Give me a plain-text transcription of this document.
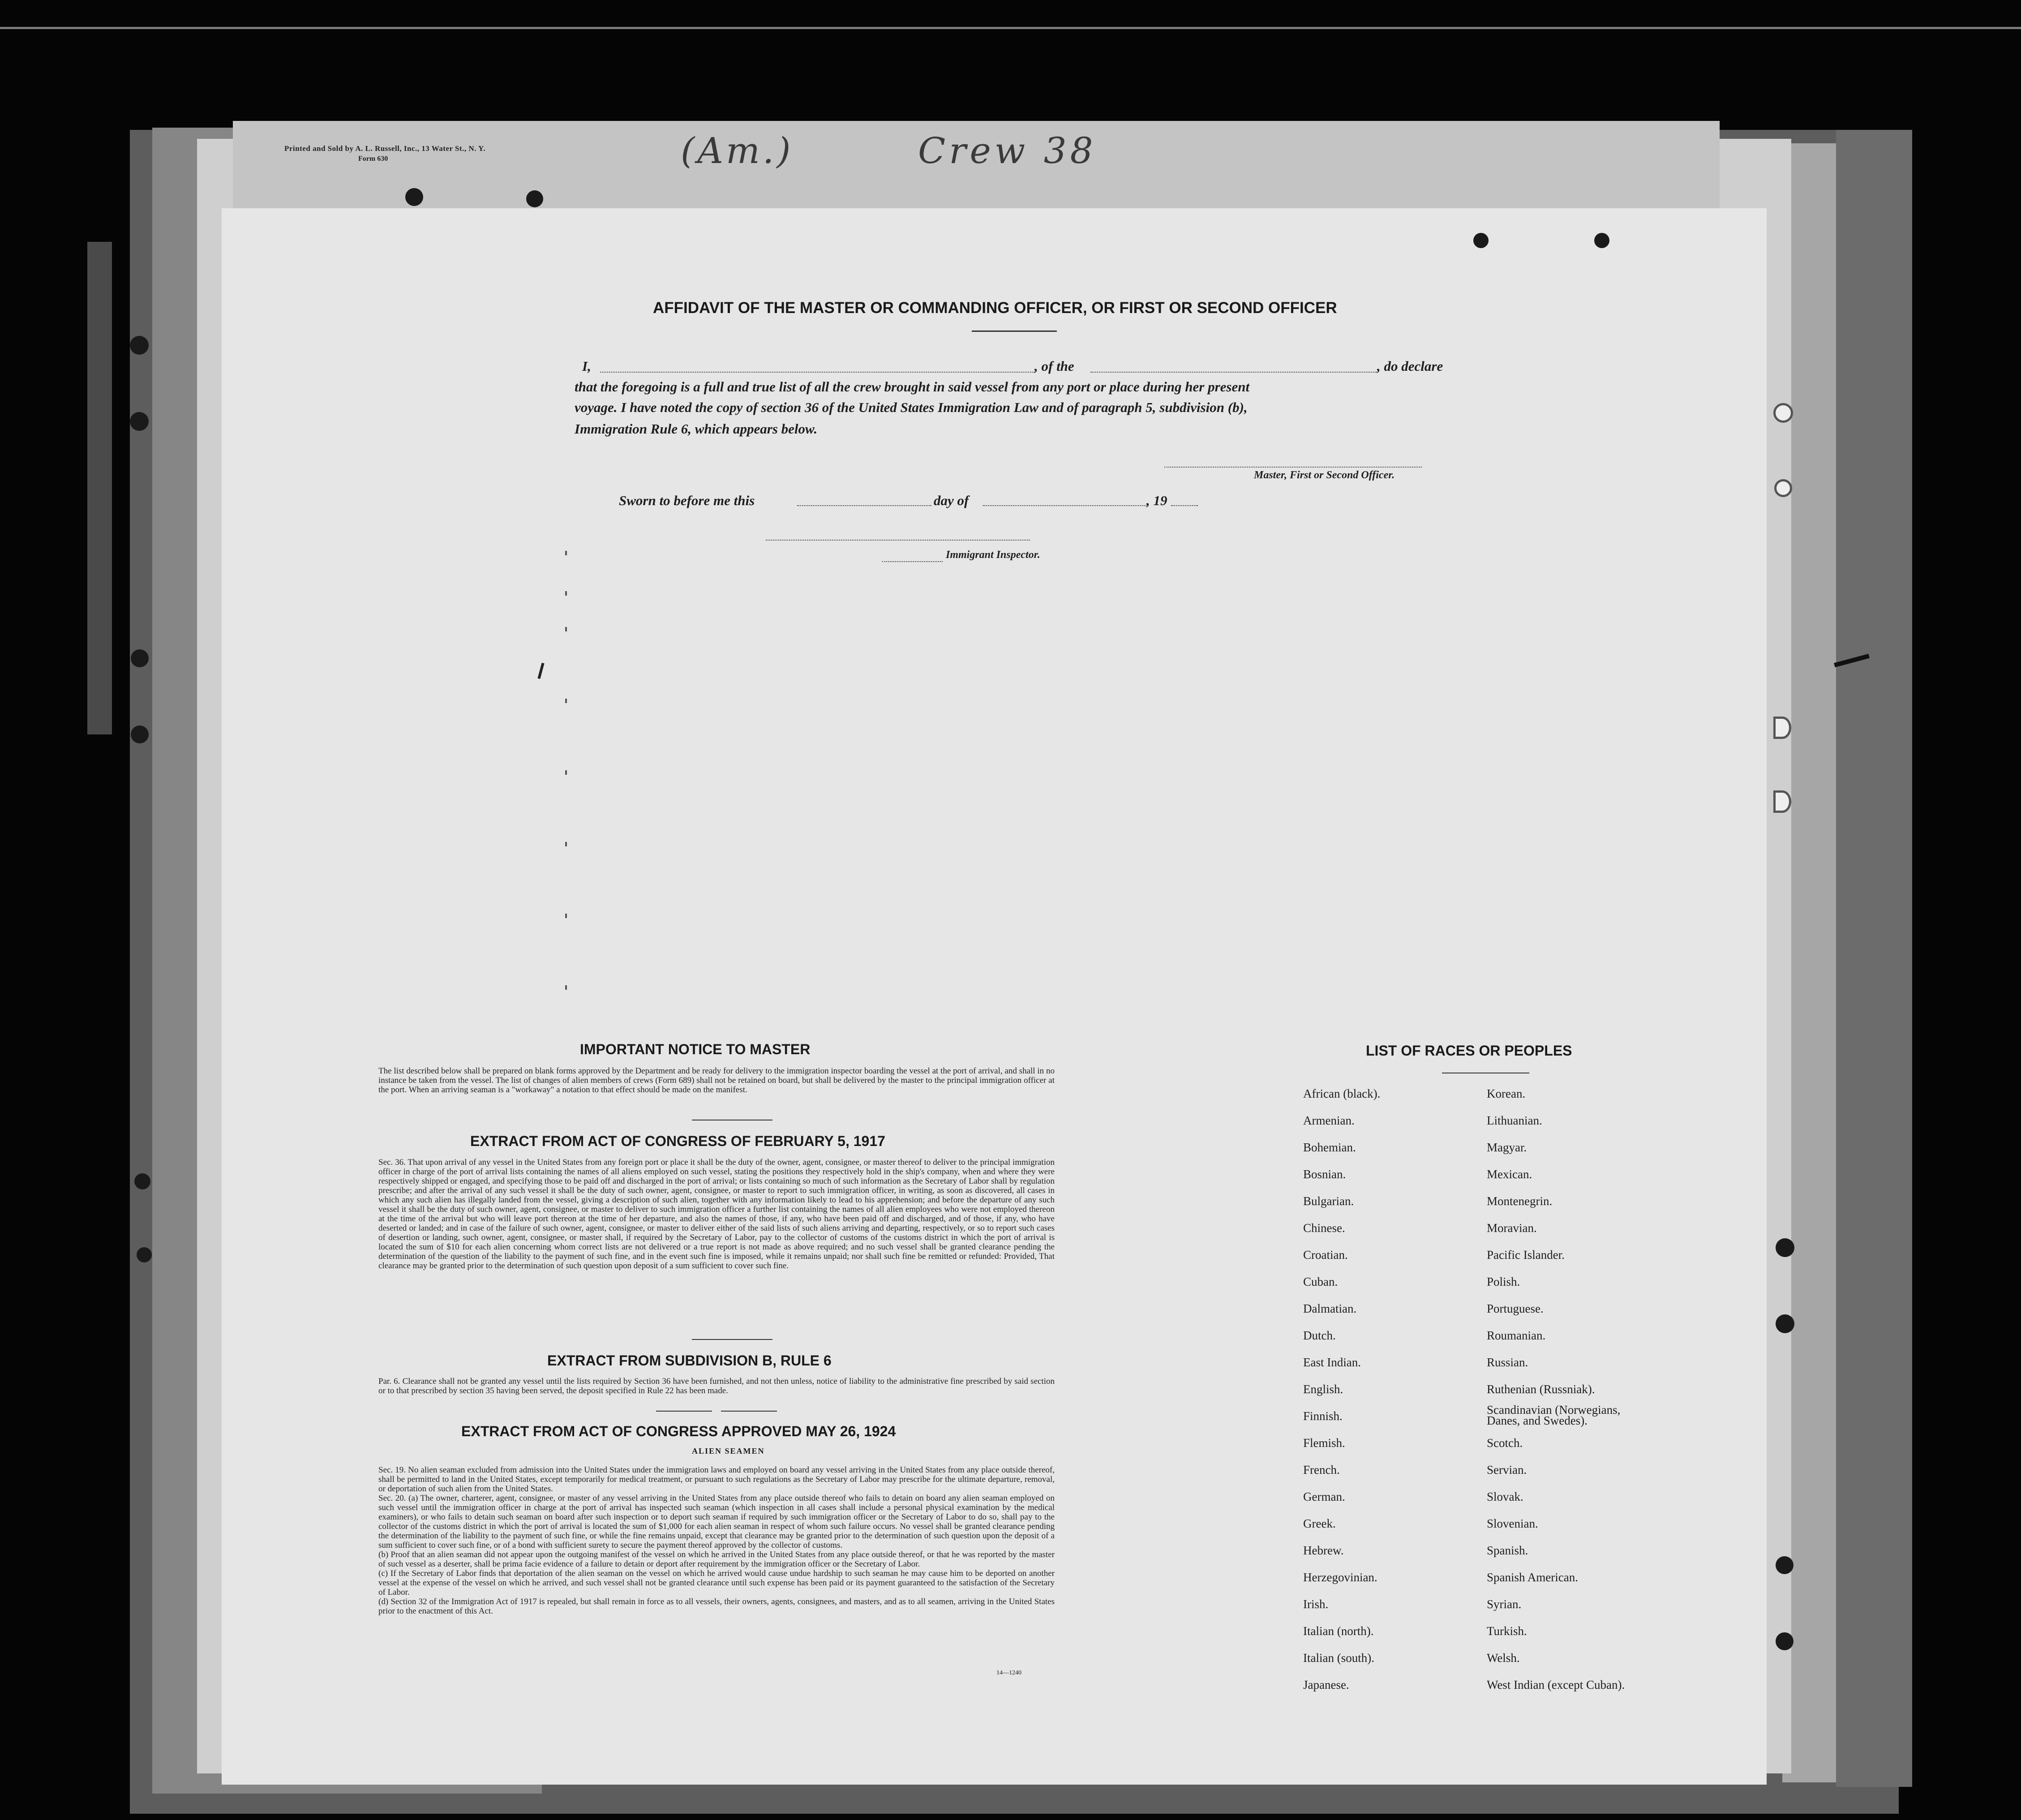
Printed and Sold by A. L. Russell, Inc., 13 Water St., N. Y.
Form 630	(Am.)	Crew 38
AFFIDAVIT OF THE MASTER OR COMMANDING OFFICER, OR FIRST OR SECOND OFFICER
I,	, of the	, do declare
that the foregoing is a full and true list of all the crew brought in said vessel from any port or place during her present
voyage. I have noted the copy of section 36 of the United States Immigration Law and of paragraph 5, subdivision (b),
Immigration Rule 6, which appears below.
Master, First or Second Officer.
Sworn to before me this	day of	, 19
Immigrant Inspector.
IMPORTANT NOTICE TO MASTER
The list described below shall be prepared on blank forms approved by the Department and be ready for delivery to the immigration inspector boarding the vessel at the port of arrival, and shall in no instance be taken from the vessel. The list of changes of alien members of crews (Form 689) shall not be retained on board, but shall be delivered by the master to the principal immigration officer at the port. When an arriving seaman is a "workaway" a notation to that effect should be made on the manifest.
EXTRACT FROM ACT OF CONGRESS OF FEBRUARY 5, 1917
Sec. 36. That upon arrival of any vessel in the United States from any foreign port or place it shall be the duty of the owner, agent, consignee, or master thereof to deliver to the principal immigration officer in charge of the port of arrival lists containing the names of all aliens employed on such vessel, stating the positions they respectively hold in the ship's company, when and where they were respectively shipped or engaged, and specifying those to be paid off and discharged in the port of arrival; or lists containing so much of such information as the Secretary of Labor shall by regulation prescribe; and after the arrival of any such vessel it shall be the duty of such owner, agent, consignee, or master to report to such immigration officer, in writing, as soon as discovered, all cases in which any such alien has illegally landed from the vessel, giving a description of such alien, together with any information likely to lead to his apprehension; and before the departure of any such vessel it shall be the duty of such owner, agent, consignee, or master to deliver to such immigration officer a further list containing the names of all alien employees who were not employed thereon at the time of the arrival but who will leave port thereon at the time of her departure, and also the names of those, if any, who have been paid off and discharged, and of those, if any, who have deserted or landed; and in case of the failure of such owner, agent, consignee, or master to deliver either of the said lists of such aliens arriving and departing, respectively, or so to report such cases of desertion or landing, such owner, agent, consignee, or master shall, if required by the Secretary of Labor, pay to the collector of customs of the customs district in which the port of arrival is located the sum of $10 for each alien concerning whom correct lists are not delivered or a true report is not made as above required; and no such vessel shall be granted clearance pending the determination of the question of the liability to the payment of such fine, and in the event such fine is imposed, while it remains unpaid; nor shall such fine be remitted or refunded: Provided, That clearance may be granted prior to the determination of such question upon deposit of a sum sufficient to cover such fine.
EXTRACT FROM SUBDIVISION B, RULE 6
Par. 6. Clearance shall not be granted any vessel until the lists required by Section 36 have been furnished, and not then unless, notice of liability to the administrative fine prescribed by said section or to that prescribed by section 35 having been served, the deposit specified in Rule 22 has been made.
EXTRACT FROM ACT OF CONGRESS APPROVED MAY 26, 1924
ALIEN SEAMEN
Sec. 19. No alien seaman excluded from admission into the United States under the immigration laws and employed on board any vessel arriving in the United States from any place outside thereof, shall be permitted to land in the United States, except temporarily for medical treatment, or pursuant to such regulations as the Secretary of Labor may prescribe for the ultimate departure, removal, or deportation of such alien from the United States.
Sec. 20. (a) The owner, charterer, agent, consignee, or master of any vessel arriving in the United States from any place outside thereof who fails to detain on board any alien seaman employed on such vessel until the immigration officer in charge at the port of arrival has inspected such seaman (which inspection in all cases shall include a personal physical examination by the medical examiners), or who fails to detain such seaman on board after such inspection or to deport such seaman if required by such immigration officer or the Secretary of Labor to do so, shall pay to the collector of the customs district in which the port of arrival is located the sum of $1,000 for each alien seaman in respect of whom such failure occurs. No vessel shall be granted clearance pending the determination of the liability to the payment of such fine, or while the fine remains unpaid, except that clearance may be granted prior to the determination of such question upon the deposit of a sum sufficient to cover such fine, or of a bond with sufficient surety to secure the payment thereof approved by the collector of customs.
(b) Proof that an alien seaman did not appear upon the outgoing manifest of the vessel on which he arrived in the United States from any place outside thereof, or that he was reported by the master of such vessel as a deserter, shall be prima facie evidence of a failure to detain or deport after requirement by the immigration officer or the Secretary of Labor.
(c) If the Secretary of Labor finds that deportation of the alien seaman on the vessel on which he arrived would cause undue hardship to such seaman he may cause him to be deported on another vessel at the expense of the vessel on which he arrived, and such vessel shall not be granted clearance until such expense has been paid or its payment guaranteed to the satisfaction of the Secretary of Labor.
(d) Section 32 of the Immigration Act of 1917 is repealed, but shall remain in force as to all vessels, their owners, agents, consignees, and masters, and as to all seamen, arriving in the United States prior to the enactment of this Act.
14—1240
LIST OF RACES OR PEOPLES
African (black).
Armenian.
Bohemian.
Bosnian.
Bulgarian.
Chinese.
Croatian.
Cuban.
Dalmatian.
Dutch.
East Indian.
English.
Finnish.
Flemish.
French.
German.
Greek.
Hebrew.
Herzegovinian.
Irish.
Italian (north).
Italian (south).
Japanese.
Korean.
Lithuanian.
Magyar.
Mexican.
Montenegrin.
Moravian.
Pacific Islander.
Polish.
Portuguese.
Roumanian.
Russian.
Ruthenian (Russniak).
Scandinavian (Norwegians, Danes, and Swedes).
Scotch.
Servian.
Slovak.
Slovenian.
Spanish.
Spanish American.
Syrian.
Turkish.
Welsh.
West Indian (except Cuban).
